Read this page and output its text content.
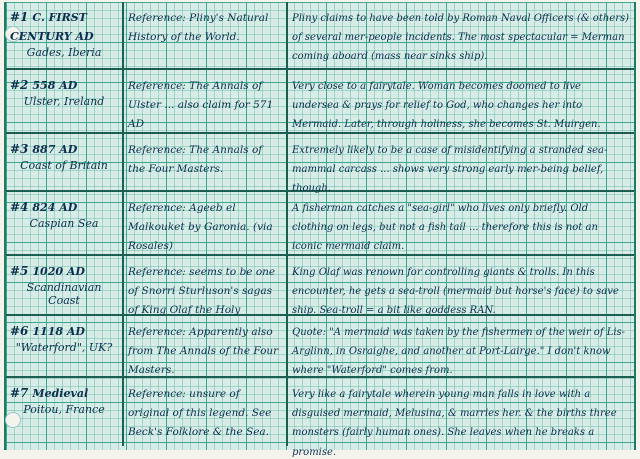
#1 C. FIRST CENTURY AD
Gades, Iberia
Reference: Pliny's Natural History of the World.
Pliny claims to have been told by Roman Naval Officers (& others) of several mer-people incidents. The most spectacular = Merman coming aboard (mass near sinks ship).
#2 558 AD
Ulster, Ireland
Reference: The Annals of Ulster ... also claim for 571 AD
Very close to a fairytale. Woman becomes doomed to live undersea & prays for relief to God, who changes her into Mermaid. Later, through holiness, she becomes St. Muirgen.
#3 887 AD
Coast of Britain
Reference: The Annals of the Four Masters.
Extremely likely to be a case of misidentifying a stranded sea-mammal carcass ... shows very strong early mer-being belief, though.
#4 824 AD
Caspian Sea
Reference: Ageeb el Malkouket by Garonia. (via Rosales)
A fisherman catches a "sea-girl" who lives only briefly. Old clothing on legs, but not a fish tail ... therefore this is not an iconic mermaid claim.
#5 1020 AD
Scandinavian Coast
Reference: seems to be one of Snorri Sturluson's sagas of King Olaf the Holy
King Olaf was renown for controlling giants & trolls. In this encounter, he gets a sea-troll (mermaid but horse's face) to save ship. Sea-troll = a bit like goddess RAN.
#6 1118 AD
"Waterford", UK?
Reference: Apparently also from The Annals of the Four Masters.
Quote: "A mermaid was taken by the fishermen of the weir of Lis-Arglinn, in Osraighe, and another at Port-Lairge." I don't know where "Waterford" comes from.
#7 Medieval
Poitou, France
Reference: unsure of original of this legend. See Beck's Folklore & the Sea.
Very like a fairytale wherein young man falls in love with a disguised mermaid, Melusina, & marries her. & the births three monsters (fairly human ones). She leaves when he breaks a promise.
